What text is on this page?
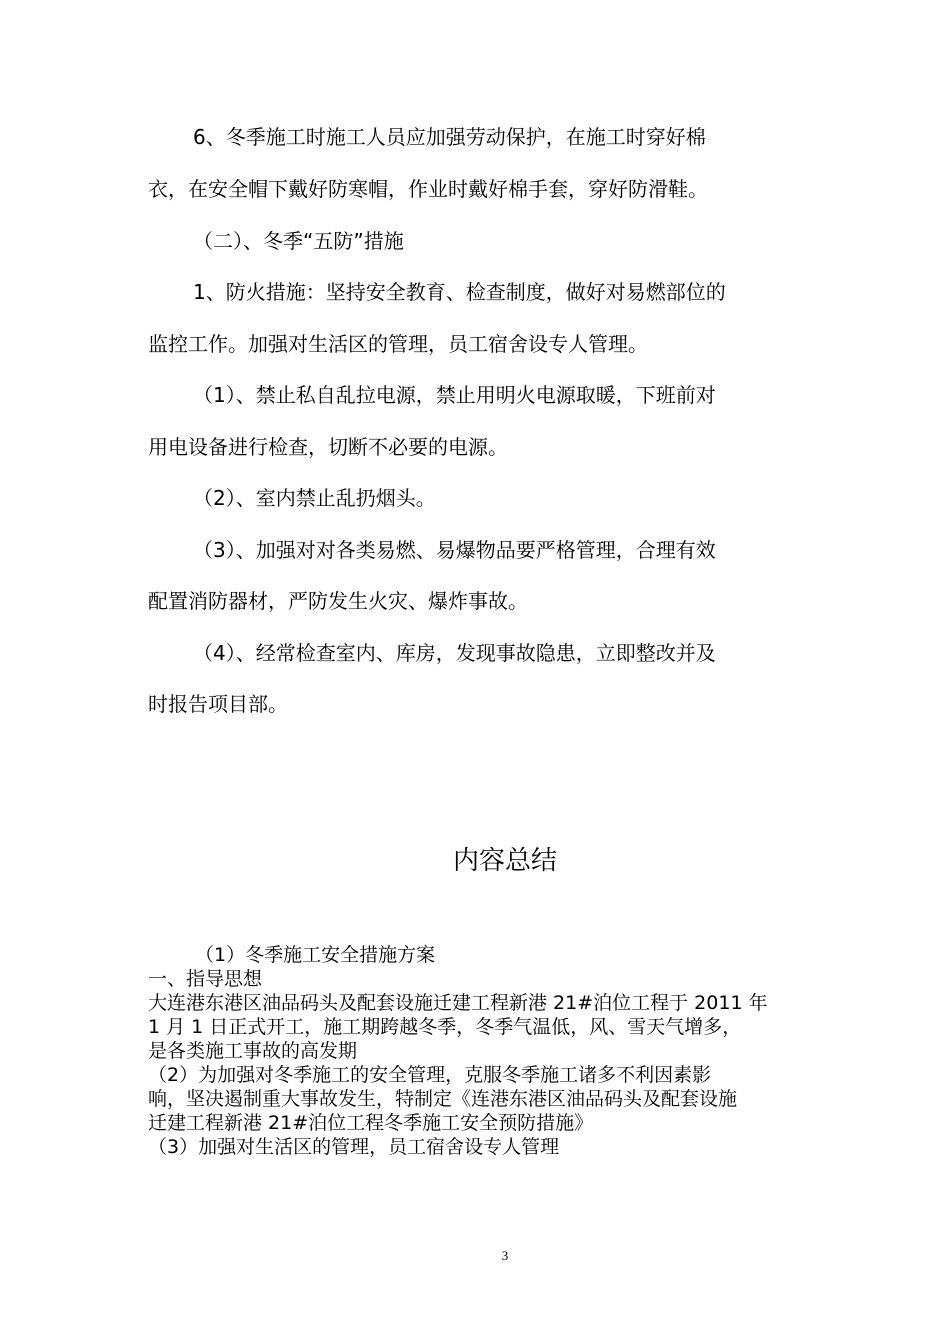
6、冬季施工时施工人员应加强劳动保护，在施工时穿好棉
衣，在安全帽下戴好防寒帽，作业时戴好棉手套，穿好防滑鞋。
（二）、冬季“五防”措施
1、防火措施：坚持安全教育、检查制度，做好对易燃部位的
监控工作。加强对生活区的管理，员工宿舍设专人管理。
（1）、禁止私自乱拉电源，禁止用明火电源取暖，下班前对
用电设备进行检查，切断不必要的电源。
（2）、室内禁止乱扔烟头。
（3）、加强对对各类易燃、易爆物品要严格管理，合理有效
配置消防器材，严防发生火灾、爆炸事故。
（4）、经常检查室内、库房，发现事故隐患，立即整改并及
时报告项目部。
内容总结
（1）冬季施工安全措施方案
一、指导思想
大连港东港区油品码头及配套设施迁建工程新港 21#泊位工程于 2011 年
1 月 1 日正式开工，施工期跨越冬季，冬季气温低，风、雪天气增多，
是各类施工事故的高发期
（2）为加强对冬季施工的安全管理，克服冬季施工诸多不利因素影
响，坚决遏制重大事故发生，特制定《连港东港区油品码头及配套设施
迁建工程新港 21#泊位工程冬季施工安全预防措施》
（3）加强对生活区的管理，员工宿舍设专人管理
3
